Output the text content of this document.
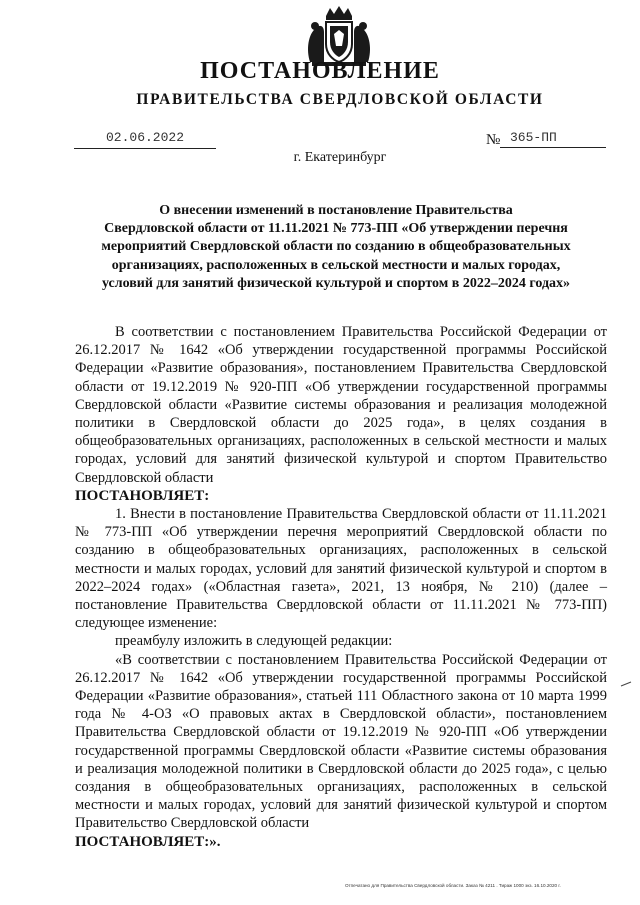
ПОСТАНОВЛЕНИЕ
ПРАВИТЕЛЬСТВА СВЕРДЛОВСКОЙ ОБЛАСТИ
02.06.2022	№ 365-ПП
г. Екатеринбург
О внесении изменений в постановление Правительства
Свердловской области от 11.11.2021 № 773-ПП «Об утверждении перечня
мероприятий Свердловской области по созданию в общеобразовательных
организациях, расположенных в сельской местности и малых городах,
условий для занятий физической культурой и спортом в 2022–2024 годах»

В соответствии с постановлением Правительства Российской Федерации от 26.12.2017 № 1642 «Об утверждении государственной программы Российской Федерации «Развитие образования», постановлением Правительства Свердловской области от 19.12.2019 № 920-ПП «Об утверждении государственной программы Свердловской области «Развитие системы образования и реализация молодежной политики в Свердловской области до 2025 года», в целях создания в общеобразовательных организациях, расположенных в сельской местности и малых городах, условий для занятий физической культурой и спортом Правительство Свердловской области

ПОСТАНОВЛЯЕТ:

1. Внести в постановление Правительства Свердловской области от 11.11.2021 № 773-ПП «Об утверждении перечня мероприятий Свердловской области по созданию в общеобразовательных организациях, расположенных в сельской местности и малых городах, условий для занятий физической культурой и спортом в 2022–2024 годах» («Областная газета», 2021, 13 ноября, № 210) (далее – постановление Правительства Свердловской области от 11.11.2021 № 773-ПП) следующее изменение:

преамбулу изложить в следующей редакции:

«В соответствии с постановлением Правительства Российской Федерации от 26.12.2017 № 1642 «Об утверждении государственной программы Российской Федерации «Развитие образования», статьей 111 Областного закона от 10 марта 1999 года № 4-ОЗ «О правовых актах в Свердловской области», постановлением Правительства Свердловской области от 19.12.2019 № 920-ПП «Об утверждении государственной программы Свердловской области «Развитие системы образования и реализация молодежной политики в Свердловской области до 2025 года», с целью создания в общеобразовательных организациях, расположенных в сельской местности и малых городах, условий для занятий физической культурой и спортом Правительство Свердловской области

ПОСТАНОВЛЯЕТ:».

Отпечатано для Правительства Свердловской области. Заказ № 4211 . Тираж 1000 экз. 16.10.2020 г.
